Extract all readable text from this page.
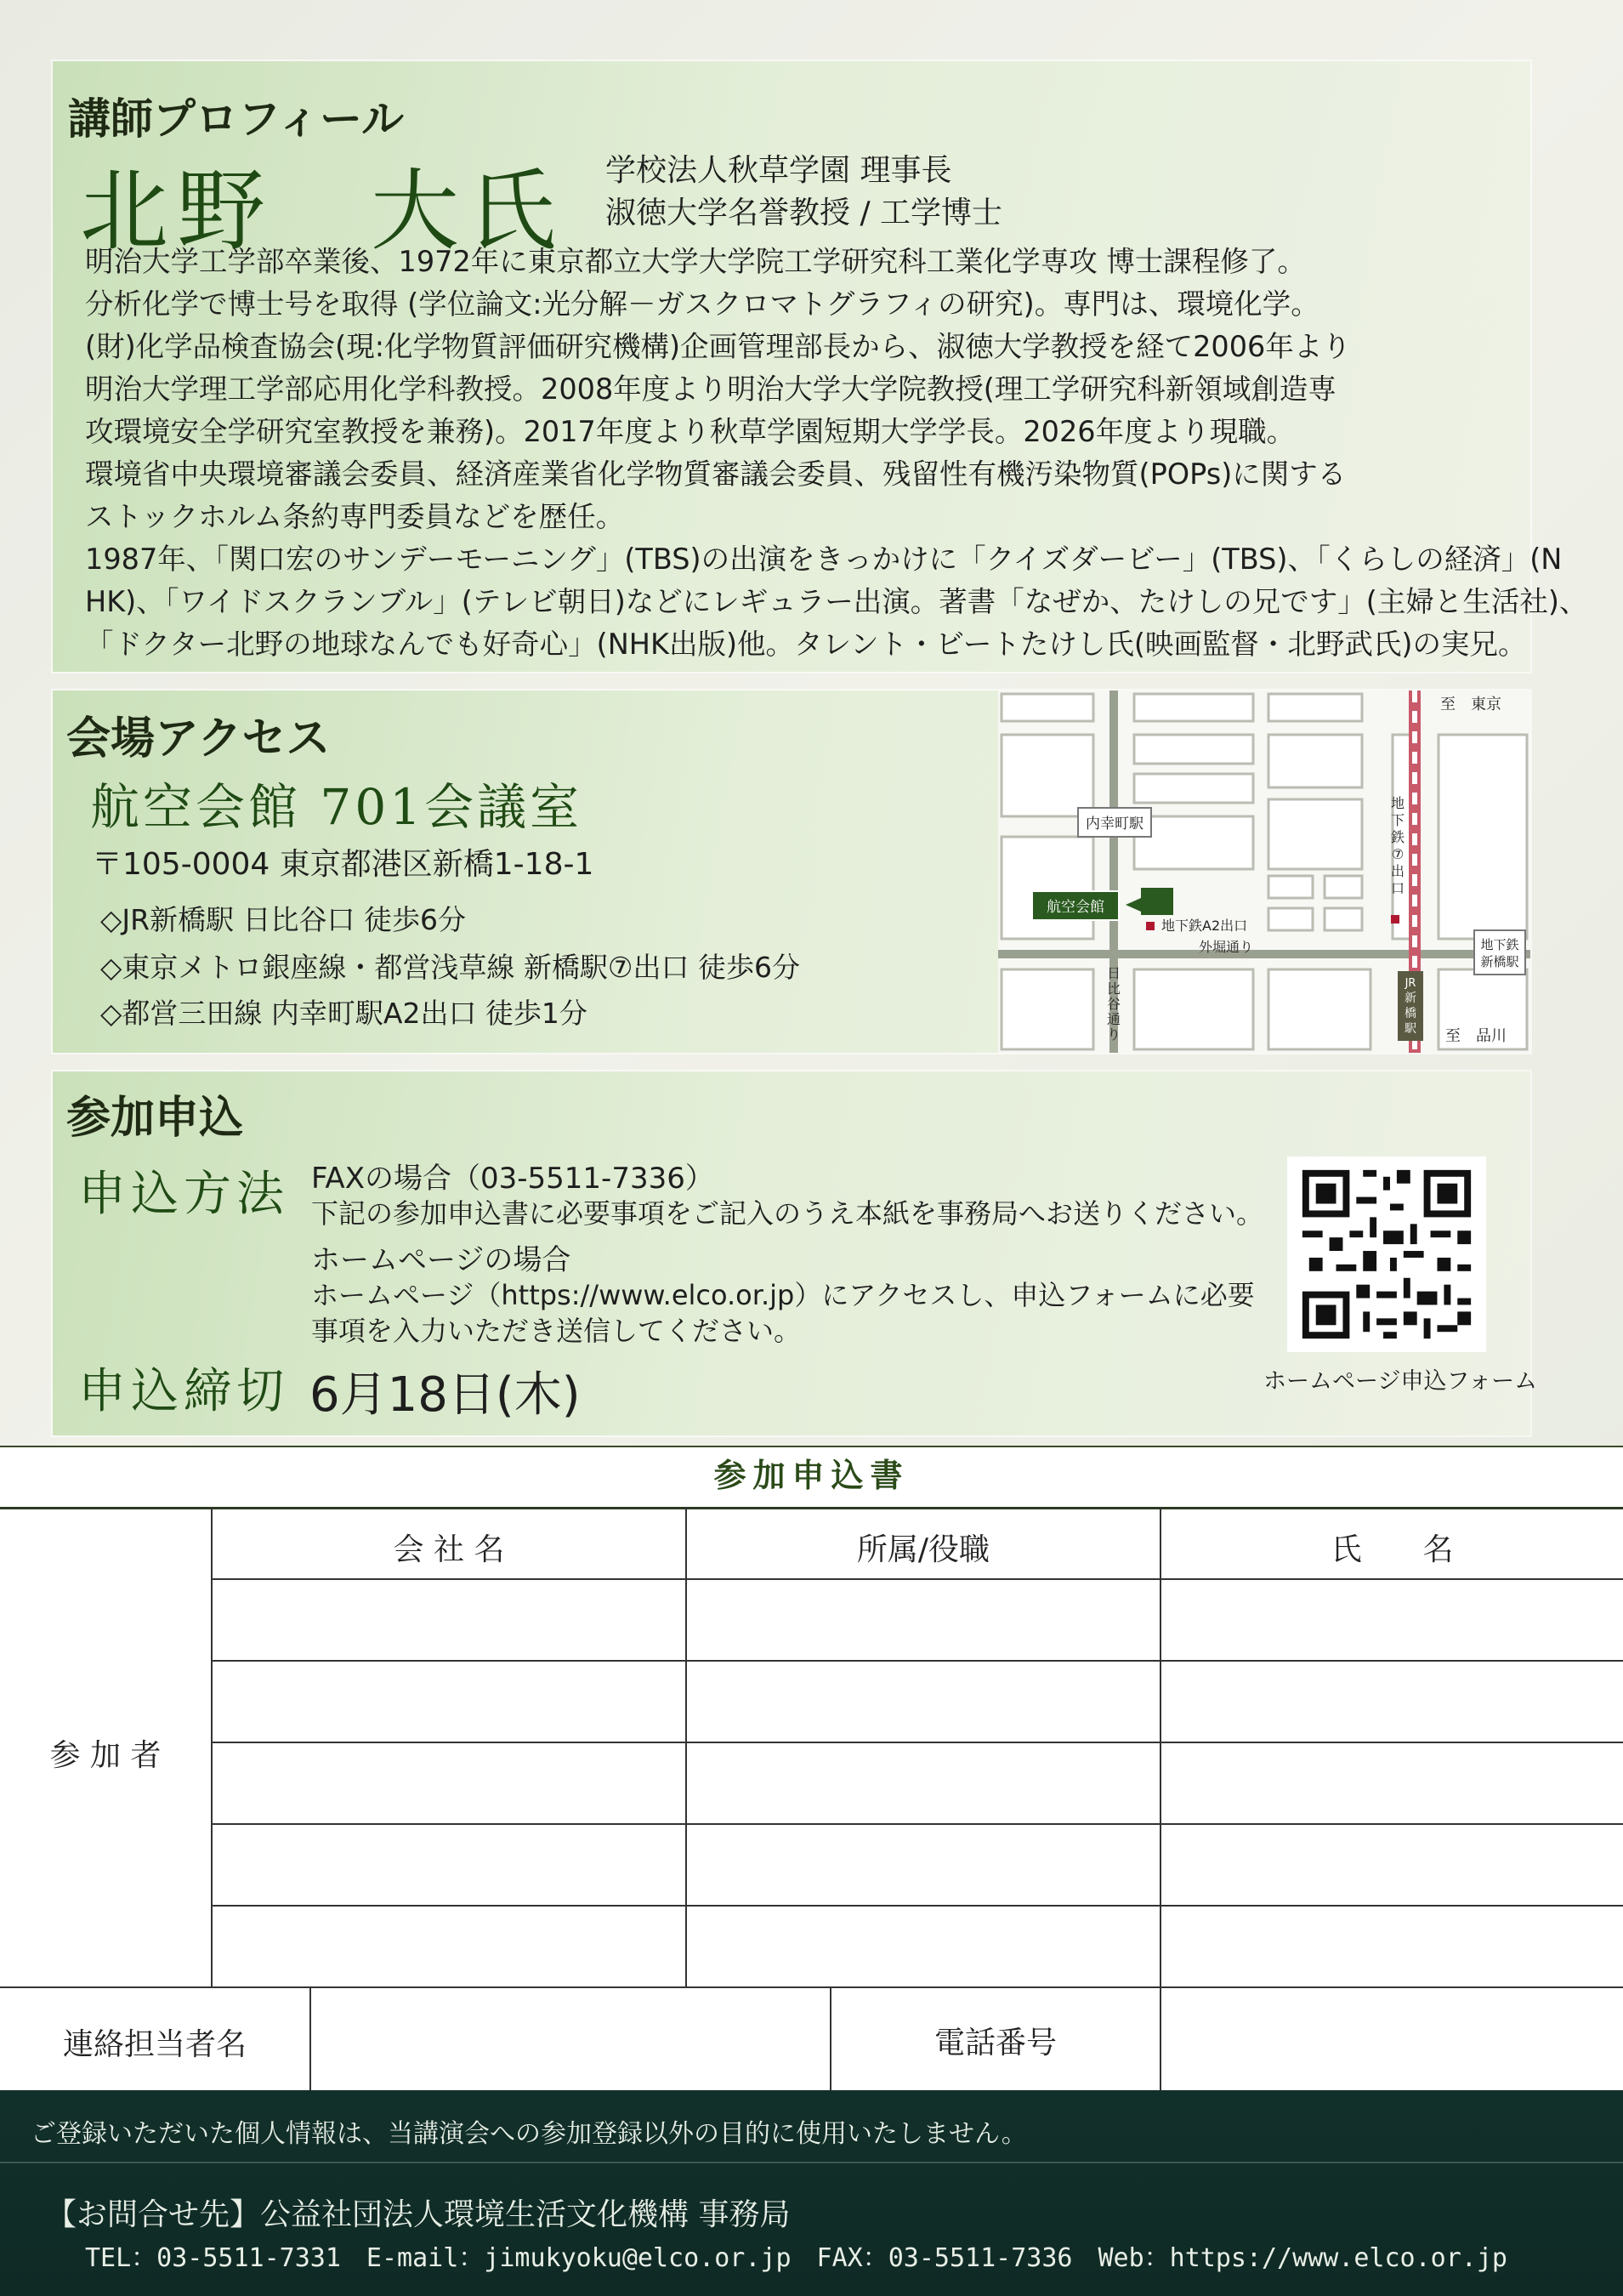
講師プロフィール
北野　大氏 学校法人秋草学園 理事長
淑徳大学名誉教授 / 工学博士
明治大学工学部卒業後、1972年に東京都立大学大学院工学研究科工業化学専攻 博士課程修了。
分析化学で博士号を取得 (学位論文:光分解－ガスクロマトグラフィの研究)。専門は、環境化学。
(財)化学品検査協会(現:化学物質評価研究機構)企画管理部長から、淑徳大学教授を経て2006年より
明治大学理工学部応用化学科教授。2008年度より明治大学大学院教授(理工学研究科新領域創造専
攻環境安全学研究室教授を兼務)。2017年度より秋草学園短期大学学長。2026年度より現職。
環境省中央環境審議会委員、経済産業省化学物質審議会委員、残留性有機汚染物質(POPs)に関する
ストックホルム条約専門委員などを歴任。
1987年、「関口宏のサンデーモーニング」(TBS)の出演をきっかけに「クイズダービー」(TBS)、「くらしの経済」(N
HK)、「ワイドスクランブル」(テレビ朝日)などにレギュラー出演。著書「なぜか、たけしの兄です」(主婦と生活社)、
「ドクター北野の地球なんでも好奇心」(NHK出版)他。タレント・ビートたけし氏(映画監督・北野武氏)の実兄。
会場アクセス
航空会館 701会議室
〒105-0004 東京都港区新橋1-18-1
◇JR新橋駅 日比谷口 徒歩6分
◇東京メトロ銀座線・都営浅草線 新橋駅⑦出口 徒歩6分
◇都営三田線 内幸町駅A2出口 徒歩1分
内幸町駅
航空会館
地下鉄A2出口
外堀通り
至　東京
至　品川
日
比
谷
通
り
地
下
鉄
⑦
出
口
地下鉄
新橋駅
JR
新
橋
駅
参加申込
申込方法 FAXの場合（03-5511-7336）
下記の参加申込書に必要事項をご記入のうえ本紙を事務局へお送りください。
ホームページの場合
ホームページ（https://www.elco.or.jp）にアクセスし、申込フォームに必要
事項を入力いただき送信してください。
ホームページ申込フォーム
申込締切 6月18日(木)
参 加 者
会 社 名	所属/役職	氏　　名
連絡担当者名	電話番号
参加申込書
ご登録いただいた個人情報は、当講演会への参加登録以外の目的に使用いたしません。
【お問合せ先】公益社団法人環境生活文化機構 事務局
TEL：03-5511-7331　E-mail：jimukyoku@elco.or.jp　FAX：03-5511-7336　Web：https://www.elco.or.jp
